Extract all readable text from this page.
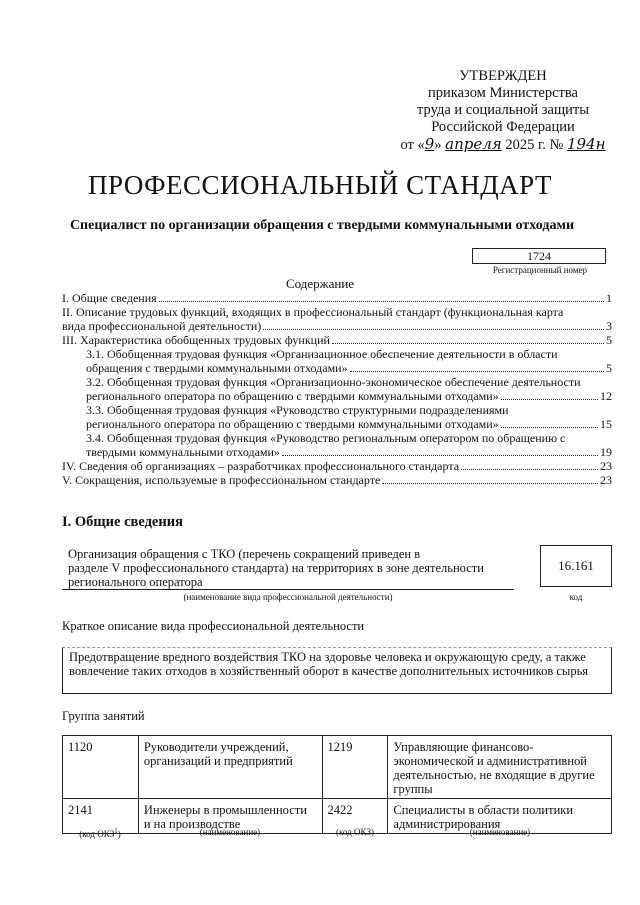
УТВЕРЖДЕН
приказом Министерства
труда и социальной защиты
Российской Федерации
от «9» апреля 2025 г. № 194н
ПРОФЕССИОНАЛЬНЫЙ СТАНДАРТ
Специалист по организации обращения с твердыми коммунальными отходами
1724
Регистрационный номер
Содержание
I. Общие сведения	1
II. Описание трудовых функций, входящих в профессиональный стандарт (функциональная карта
вида профессиональной деятельности)	3
III. Характеристика обобщенных трудовых функций	5
3.1. Обобщенная трудовая функция «Организационное обеспечение деятельности в области
обращения с твердыми коммунальными отходами»	5
3.2. Обобщенная трудовая функция «Организационно-экономическое обеспечение деятельности
регионального оператора по обращению с твердыми коммунальными отходами»	12
3.3. Обобщенная трудовая функция «Руководство структурными подразделениями
регионального оператора по обращению с твердыми коммунальными отходами»	15
3.4. Обобщенная трудовая функция «Руководство региональным оператором по обращению с
твердыми коммунальными отходами»	19
IV. Сведения об организациях – разработчиках профессионального стандарта	23
V. Сокращения, используемые в профессиональном стандарте	23
I. Общие сведения
Организация обращения с ТКО (перечень сокращений приведен в
разделе V профессионального стандарта) на территориях в зоне деятельности
регионального оператора
16.161
(наименование вида профессиональной деятельности)	код
Краткое описание вида профессиональной деятельности
Предотвращение вредного воздействия ТКО на здоровье человека и окружающую среду, а также вовлечение таких отходов в хозяйственный оборот в качестве дополнительных источников сырья
Группа занятий
1120	Руководители учреждений, организаций и предприятий	1219	Управляющие финансово-экономической и административной деятельностью, не входящие в другие группы
2141	Инженеры в промышленности и на производстве	2422	Специалисты в области политики администрирования
(код ОКЗ$^1$)	(наименование)	(код ОКЗ)	(наименование)
